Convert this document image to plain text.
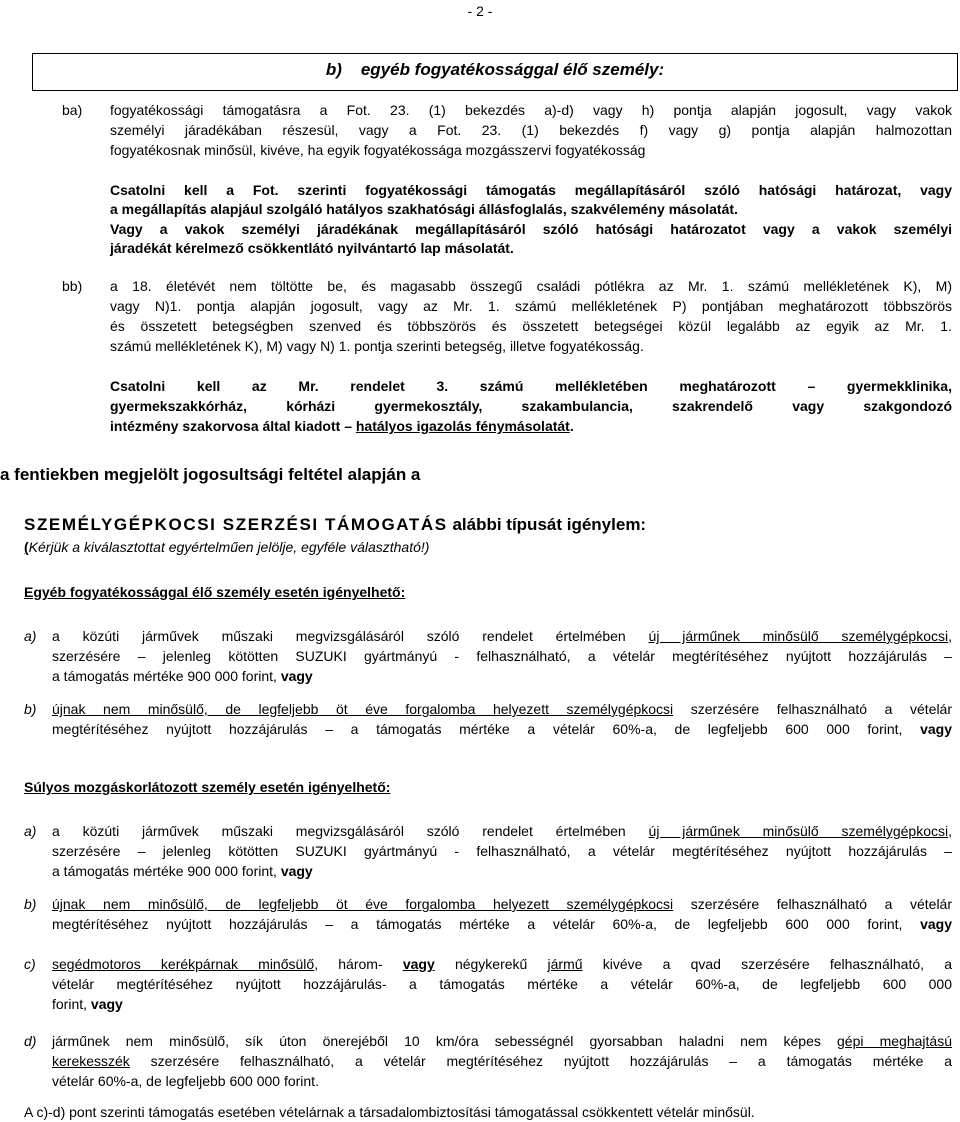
- 2 -
b) egyéb fogyatékossággal élő személy:
ba) fogyatékossági támogatásra a Fot. 23. (1) bekezdés a)-d) vagy h) pontja alapján jogosult, vagy vakok
személyi járadékában részesül, vagy a Fot. 23. (1) bekezdés f) vagy g) pontja alapján halmozottan
fogyatékosnak minősül, kivéve, ha egyik fogyatékossága mozgásszervi fogyatékosság
Csatolni kell a Fot. szerinti fogyatékossági támogatás megállapításáról szóló hatósági határozat, vagy
a megállapítás alapjául szolgáló hatályos szakhatósági állásfoglalás, szakvélemény másolatát.
Vagy a vakok személyi járadékának megállapításáról szóló hatósági határozatot vagy a vakok személyi
járadékát kérelmező csökkentlátó nyilvántartó lap másolatát.
bb) a 18. életévét nem töltötte be, és magasabb összegű családi pótlékra az Mr. 1. számú mellékletének K), M)
vagy N)1. pontja alapján jogosult, vagy az Mr. 1. számú mellékletének P) pontjában meghatározott többszörös
és összetett betegségben szenved és többszörös és összetett betegségei közül legalább az egyik az Mr. 1.
számú mellékletének K), M) vagy N) 1. pontja szerinti betegség, illetve fogyatékosság.
Csatolni kell az Mr. rendelet 3. számú mellékletében meghatározott – gyermekklinika,
gyermekszakkórház, kórházi gyermekosztály, szakambulancia, szakrendelő vagy szakgondozó
intézmény szakorvosa által kiadott – hatályos igazolás fénymásolatát.
a fentiekben megjelölt jogosultsági feltétel alapján a
SZEMÉLYGÉPKOCSI SZERZÉSI TÁMOGATÁS alábbi típusát igénylem:
(Kérjük a kiválasztottat egyértelműen jelölje, egyféle választható!)
Egyéb fogyatékossággal élő személy esetén igényelhető:
a)	a közúti járművek műszaki megvizsgálásáról szóló rendelet értelmében új járműnek minősülő személygépkocsi,
szerzésére – jelenleg kötötten SUZUKI gyártmányú - felhasználható, a vételár megtérítéséhez nyújtott hozzájárulás –
a támogatás mértéke 900 000 forint, vagy
b)	újnak nem minősülő, de legfeljebb öt éve forgalomba helyezett személygépkocsi szerzésére felhasználható a vételár
megtérítéséhez nyújtott hozzájárulás – a támogatás mértéke a vételár 60%-a, de legfeljebb 600 000 forint, vagy
Súlyos mozgáskorlátozott személy esetén igényelhető:
a)	a közúti járművek műszaki megvizsgálásáról szóló rendelet értelmében új járműnek minősülő személygépkocsi,
szerzésére – jelenleg kötötten SUZUKI gyártmányú - felhasználható, a vételár megtérítéséhez nyújtott hozzájárulás –
a támogatás mértéke 900 000 forint, vagy
b)	újnak nem minősülő, de legfeljebb öt éve forgalomba helyezett személygépkocsi szerzésére felhasználható a vételár
megtérítéséhez nyújtott hozzájárulás – a támogatás mértéke a vételár 60%-a, de legfeljebb 600 000 forint, vagy
c)	segédmotoros kerékpárnak minősülő, három- vagy négykerekű jármű kivéve a qvad szerzésére felhasználható, a
vételár megtérítéséhez nyújtott hozzájárulás- a támogatás mértéke a vételár 60%-a, de legfeljebb 600 000
forint, vagy
d)	járműnek nem minősülő, sík úton önerejéből 10 km/óra sebességnél gyorsabban haladni nem képes gépi meghajtású
kerekesszék szerzésére felhasználható, a vételár megtérítéséhez nyújtott hozzájárulás – a támogatás mértéke a
vételár 60%-a, de legfeljebb 600 000 forint.
A c)-d) pont szerinti támogatás esetében vételárnak a társadalombiztosítási támogatással csökkentett vételár minősül.
